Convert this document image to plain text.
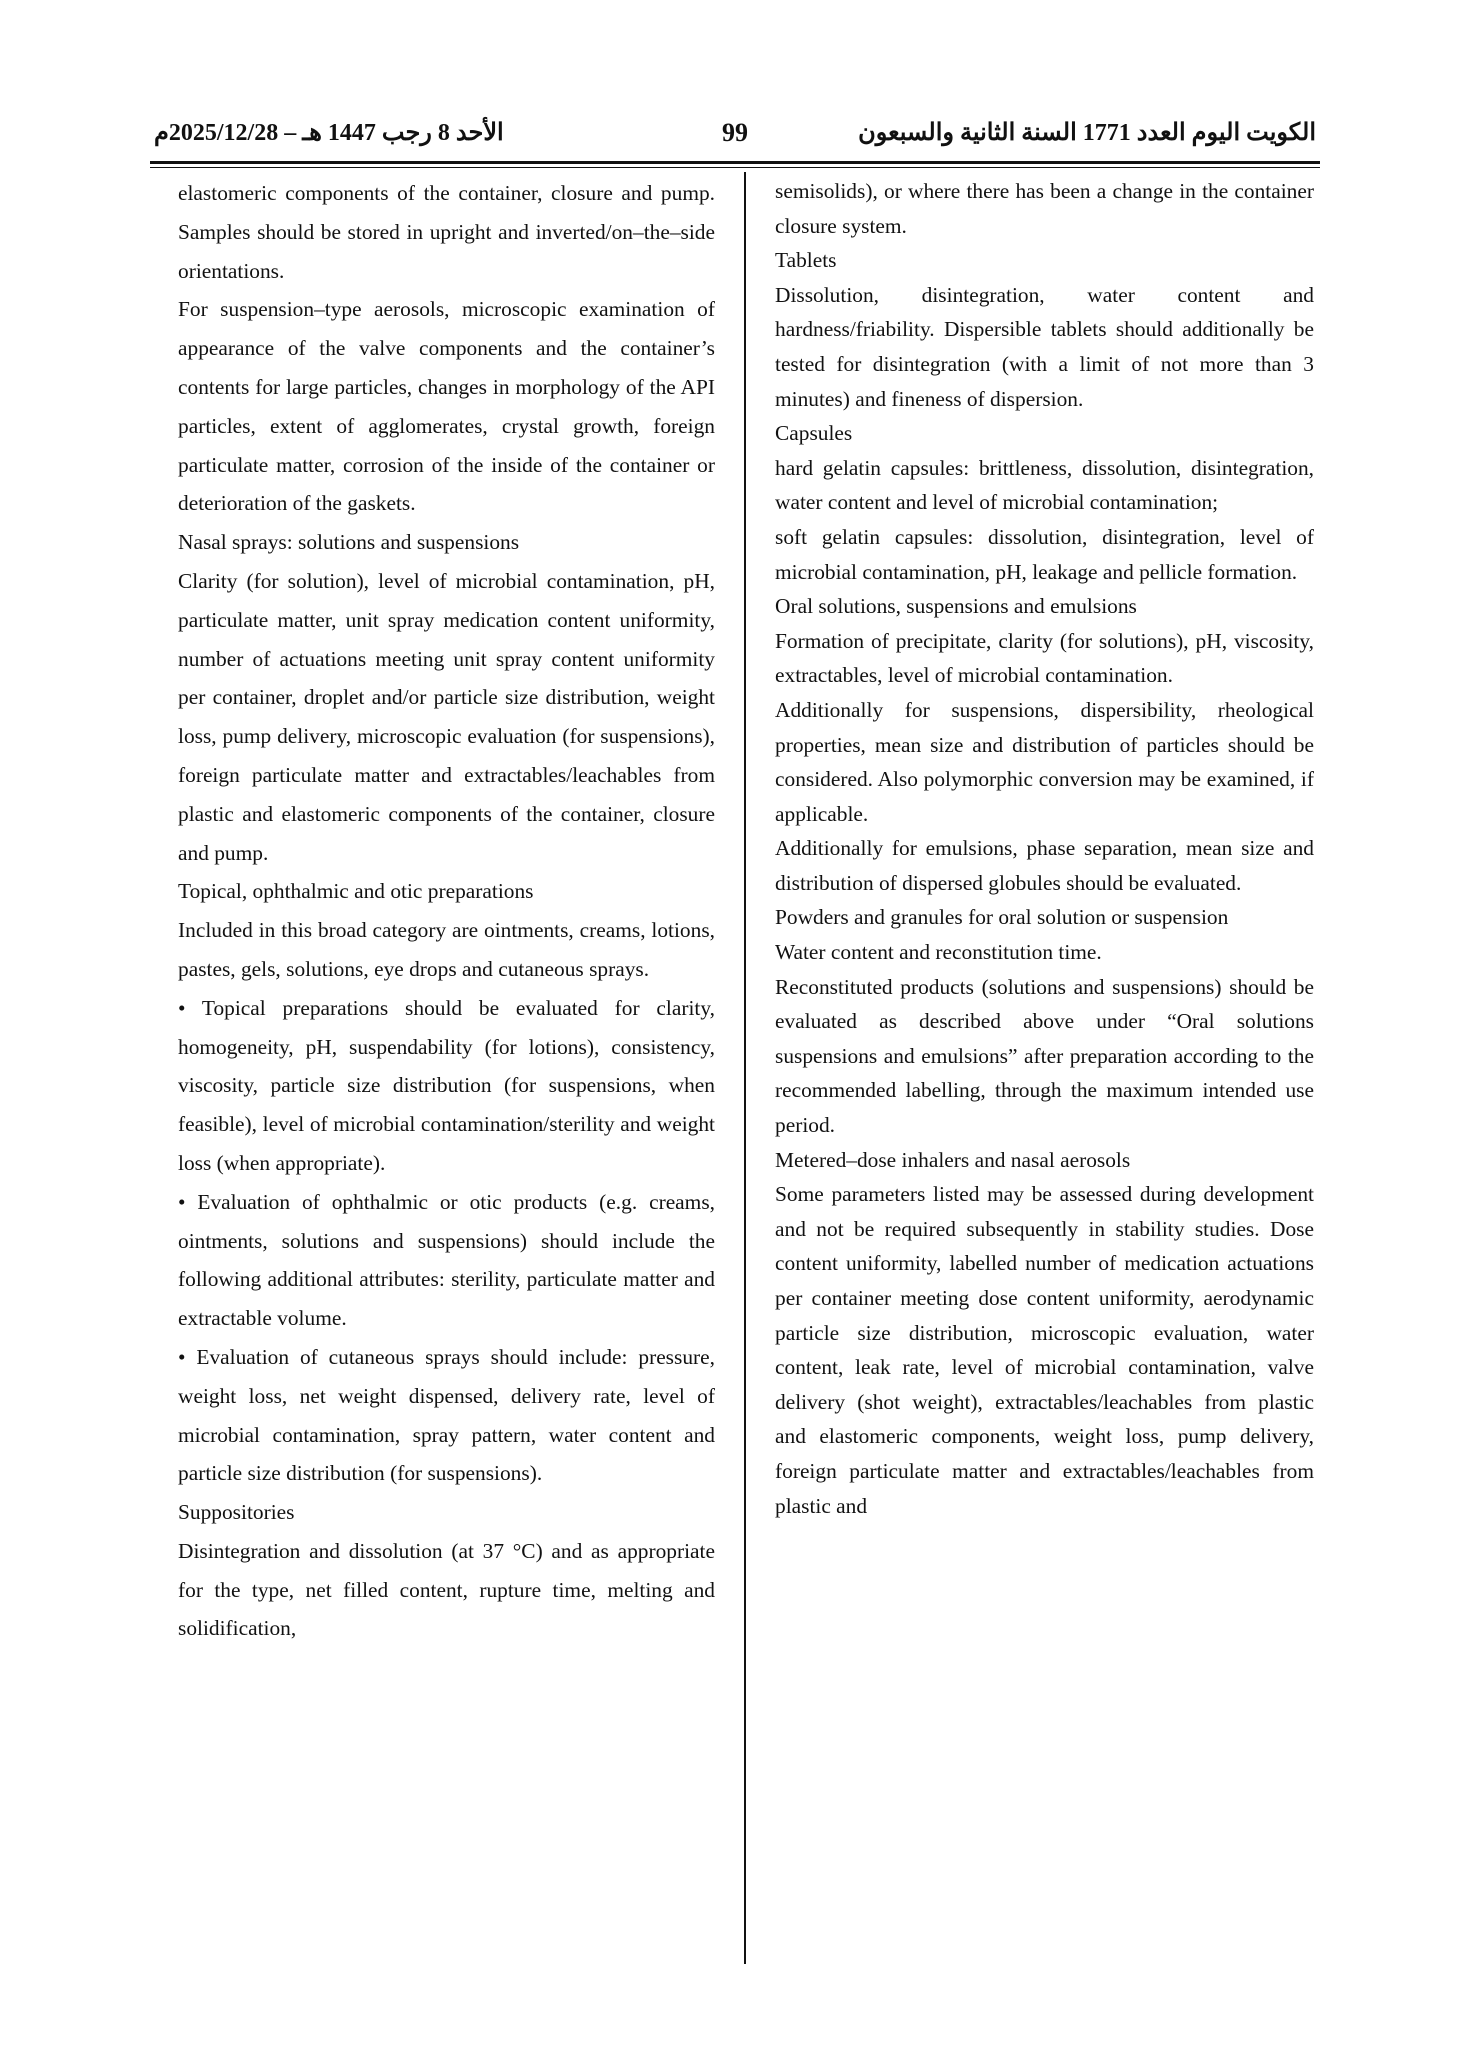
الأحد 8 رجب 1447 هـ – 2025/12/28م	99	الكويت اليوم العدد 1771 السنة الثانية والسبعون

elastomeric components of the container, closure and pump. Samples should be stored in upright and inverted/on–the–side orientations.

For suspension–type aerosols, microscopic examination of appearance of the valve components and the container’s contents for large particles, changes in morphology of the API particles, extent of agglomerates, crystal growth, foreign particulate matter, corrosion of the inside of the container or deterioration of the gaskets.

Nasal sprays: solutions and suspensions

Clarity (for solution), level of microbial contamination, pH, particulate matter, unit spray medication content uniformity, number of actuations meeting unit spray content uniformity per container, droplet and/or particle size distribution, weight loss, pump delivery, microscopic evaluation (for suspensions), foreign particulate matter and extractables/leachables from plastic and elastomeric components of the container, closure and pump.

Topical, ophthalmic and otic preparations

Included in this broad category are ointments, creams, lotions, pastes, gels, solutions, eye drops and cutaneous sprays.

• Topical preparations should be evaluated for clarity, homogeneity, pH, suspendability (for lotions), consistency, viscosity, particle size distribution (for suspensions, when feasible), level of microbial contamination/sterility and weight loss (when appropriate).

• Evaluation of ophthalmic or otic products (e.g. creams, ointments, solutions and suspensions) should include the following additional attributes: sterility, particulate matter and extractable volume.

• Evaluation of cutaneous sprays should include: pressure, weight loss, net weight dispensed, delivery rate, level of microbial contamination, spray pattern, water content and particle size distribution (for suspensions).

Suppositories

Disintegration and dissolution (at 37 °C) and as appropriate for the type, net filled content, rupture time, melting and solidification,

semisolids), or where there has been a change in the container closure system.

Tablets

Dissolution, disintegration, water content and hardness/friability. Dispersible tablets should additionally be tested for disintegration (with a limit of not more than 3 minutes) and fineness of dispersion.

Capsules

hard gelatin capsules: brittleness, dissolution, disintegration, water content and level of microbial contamination;

soft gelatin capsules: dissolution, disintegration, level of microbial contamination, pH, leakage and pellicle formation.

Oral solutions, suspensions and emulsions

Formation of precipitate, clarity (for solutions), pH, viscosity, extractables, level of microbial contamination.

Additionally for suspensions, dispersibility, rheological properties, mean size and distribution of particles should be considered. Also polymorphic conversion may be examined, if applicable.

Additionally for emulsions, phase separation, mean size and distribution of dispersed globules should be evaluated.

Powders and granules for oral solution or suspension

Water content and reconstitution time.

Reconstituted products (solutions and suspensions) should be evaluated as described above under “Oral solutions suspensions and emulsions” after preparation according to the recommended labelling, through the maximum intended use period.

Metered–dose inhalers and nasal aerosols

Some parameters listed may be assessed during development and not be required subsequently in stability studies. Dose content uniformity, labelled number of medication actuations per container meeting dose content uniformity, aerodynamic particle size distribution, microscopic evaluation, water content, leak rate, level of microbial contamination, valve delivery (shot weight), extractables/leachables from plastic and elastomeric components, weight loss, pump delivery, foreign particulate matter and extractables/leachables from plastic and
